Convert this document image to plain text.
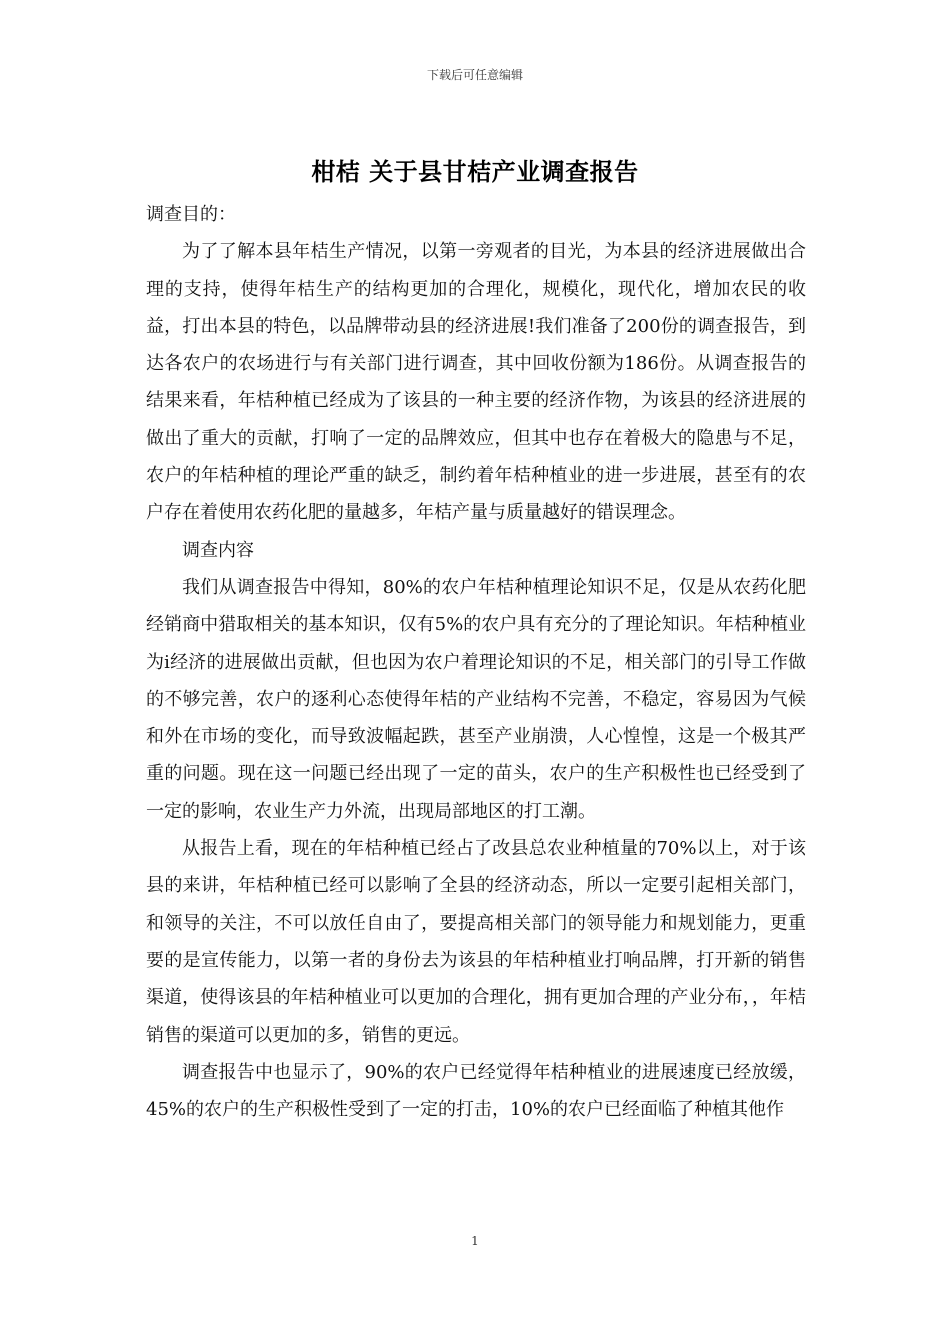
下载后可任意编辑
柑桔 关于县甘桔产业调查报告

调查目的：

为了了解本县年桔生产情况，以第一旁观者的目光，为本县的经济进展做出合理的支持，使得年桔生产的结构更加的合理化，规模化，现代化，增加农民的收益，打出本县的特色，以品牌带动县的经济进展!我们准备了200份的调查报告，到达各农户的农场进行与有关部门进行调查，其中回收份额为186份。从调查报告的结果来看，年桔种植已经成为了该县的一种主要的经济作物，为该县的经济进展的做出了重大的贡献，打响了一定的品牌效应，但其中也存在着极大的隐患与不足，农户的年桔种植的理论严重的缺乏，制约着年桔种植业的进一步进展，甚至有的农户存在着使用农药化肥的量越多，年桔产量与质量越好的错误理念。

调查内容

我们从调查报告中得知，80%的农户年桔种植理论知识不足，仅是从农药化肥经销商中猎取相关的基本知识，仅有5%的农户具有充分的了理论知识。年桔种植业为i经济的进展做出贡献，但也因为农户着理论知识的不足，相关部门的引导工作做的不够完善，农户的逐利心态使得年桔的产业结构不完善，不稳定，容易因为气候和外在市场的变化，而导致波幅起跌，甚至产业崩溃，人心惶惶，这是一个极其严重的问题。现在这一问题已经出现了一定的苗头，农户的生产积极性也已经受到了一定的影响，农业生产力外流，出现局部地区的打工潮。

从报告上看，现在的年桔种植已经占了改县总农业种植量的70%以上，对于该县的来讲，年桔种植已经可以影响了全县的经济动态，所以一定要引起相关部门，和领导的关注，不可以放任自由了，要提高相关部门的领导能力和规划能力，更重要的是宣传能力，以第一者的身份去为该县的年桔种植业打响品牌，打开新的销售渠道，使得该县的年桔种植业可以更加的合理化，拥有更加合理的产业分布，，年桔销售的渠道可以更加的多，销售的更远。

调查报告中也显示了，90%的农户已经觉得年桔种植业的进展速度已经放缓，45%的农户的生产积极性受到了一定的打击，10%的农户已经面临了种植其他作

1
